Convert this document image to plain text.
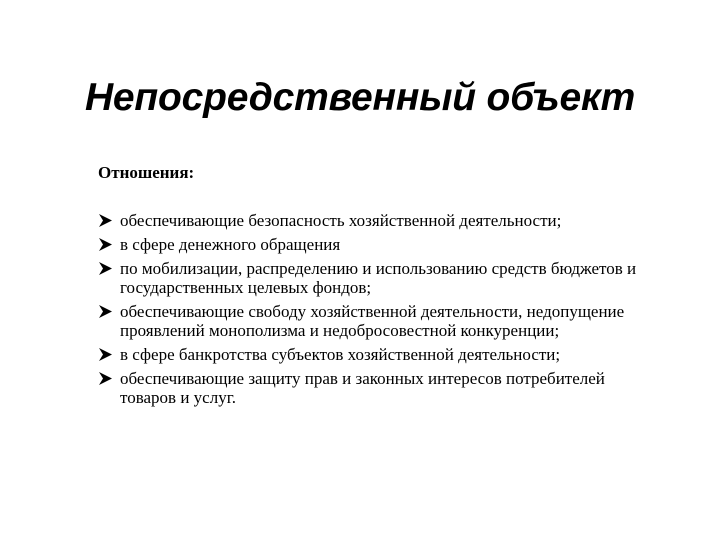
Непосредственный объект

Отношения:

обеспечивающие безопасность хозяйственной деятельности;
в сфере денежного обращения
по мобилизации, распределению и использованию средств бюджетов и государственных целевых фондов;
обеспечивающие свободу хозяйственной деятельности, недопущение проявлений монополизма и недобросовестной конкуренции;
в сфере банкротства субъектов хозяйственной деятельности;
обеспечивающие защиту прав и законных интересов потребителей товаров и услуг.
